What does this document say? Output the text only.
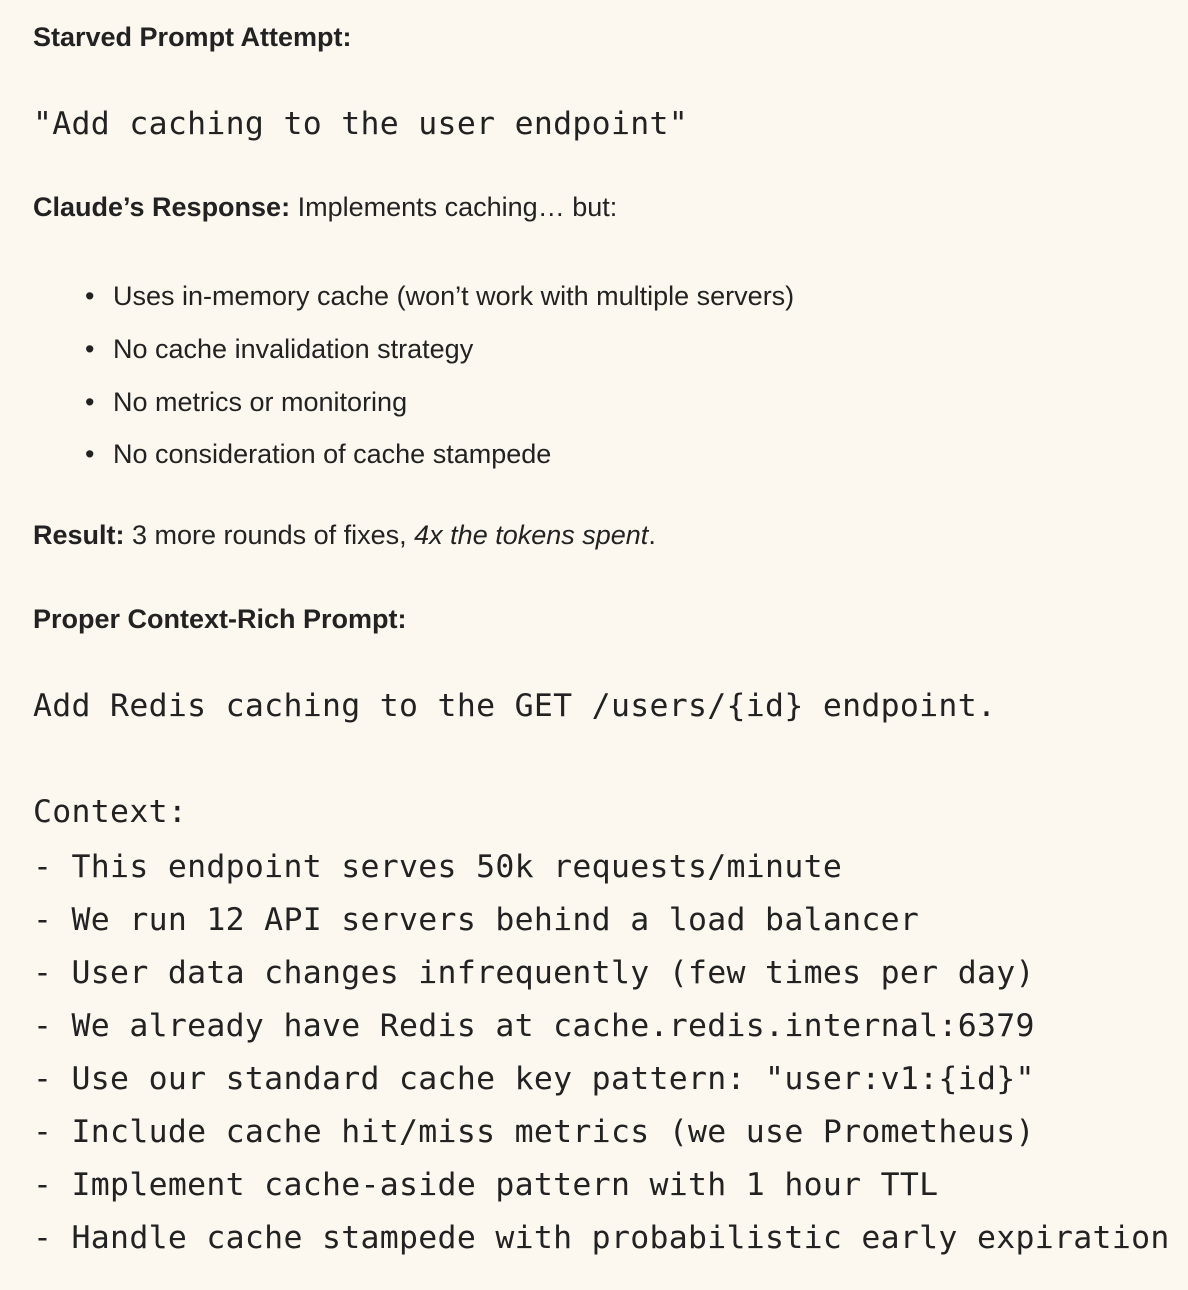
Starved Prompt Attempt:
"Add caching to the user endpoint"
Claude’s Response: Implements caching… but:
• Uses in-memory cache (won’t work with multiple servers)
• No cache invalidation strategy
• No metrics or monitoring
• No consideration of cache stampede
Result: 3 more rounds of fixes, 4x the tokens spent.
Proper Context-Rich Prompt:
Add Redis caching to the GET /users/{id} endpoint.
Context:
- This endpoint serves 50k requests/minute
- We run 12 API servers behind a load balancer
- User data changes infrequently (few times per day)
- We already have Redis at cache.redis.internal:6379
- Use our standard cache key pattern: "user:v1:{id}"
- Include cache hit/miss metrics (we use Prometheus)
- Implement cache-aside pattern with 1 hour TTL
- Handle cache stampede with probabilistic early expiration
